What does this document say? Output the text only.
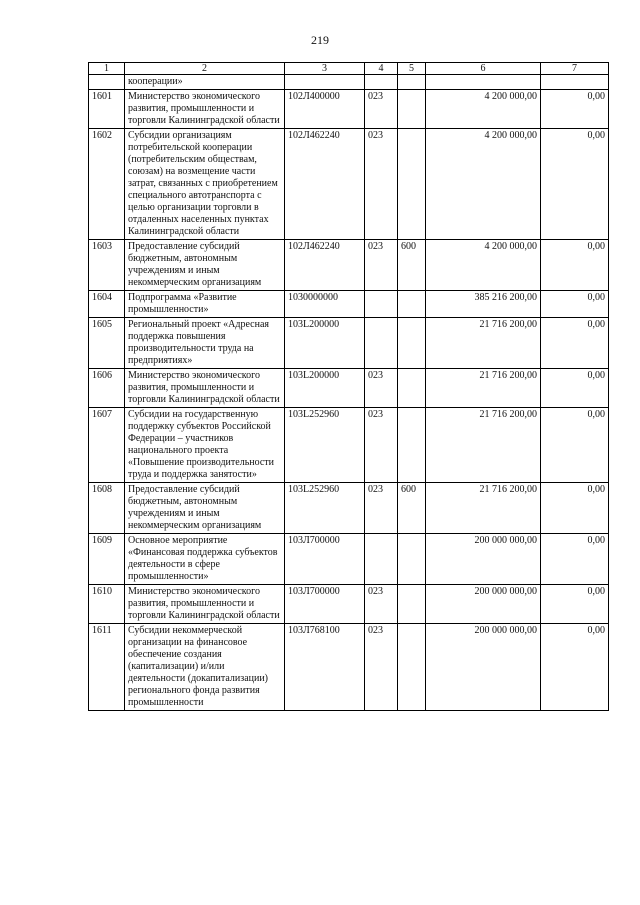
219
1	2	3	4	5	6	7
	кооперации»					
1601	Министерство экономического развития, промышленности и торговли Калининградской области	102Л400000	023		4 200 000,00	0,00
1602	Субсидии организациям потребительской кооперации (потребительским обществам, союзам) на возмещение части затрат, связанных с приобретением специального автотранспорта с целью организации торговли в отдаленных населенных пунктах Калининградской области	102Л462240	023		4 200 000,00	0,00
1603	Предоставление субсидий бюджетным, автономным учреждениям и иным некоммерческим организациям	102Л462240	023	600	4 200 000,00	0,00
1604	Подпрограмма «Развитие промышленности»	1030000000			385 216 200,00	0,00
1605	Региональный проект «Адресная поддержка повышения производительности труда на предприятиях»	103L200000			21 716 200,00	0,00
1606	Министерство экономического развития, промышленности и торговли Калининградской области	103L200000	023		21 716 200,00	0,00
1607	Субсидии на государственную поддержку субъектов Российской Федерации – участников национального проекта «Повышение производительности труда и поддержка занятости»	103L252960	023		21 716 200,00	0,00
1608	Предоставление субсидий бюджетным, автономным учреждениям и иным некоммерческим организациям	103L252960	023	600	21 716 200,00	0,00
1609	Основное мероприятие «Финансовая поддержка субъектов деятельности в сфере промышленности»	103Л700000			200 000 000,00	0,00
1610	Министерство экономического развития, промышленности и торговли Калининградской области	103Л700000	023		200 000 000,00	0,00
1611	Субсидии некоммерческой организации на финансовое обеспечение создания (капитализации) и/или деятельности (докапитализации) регионального фонда развития промышленности	103Л768100	023		200 000 000,00	0,00
